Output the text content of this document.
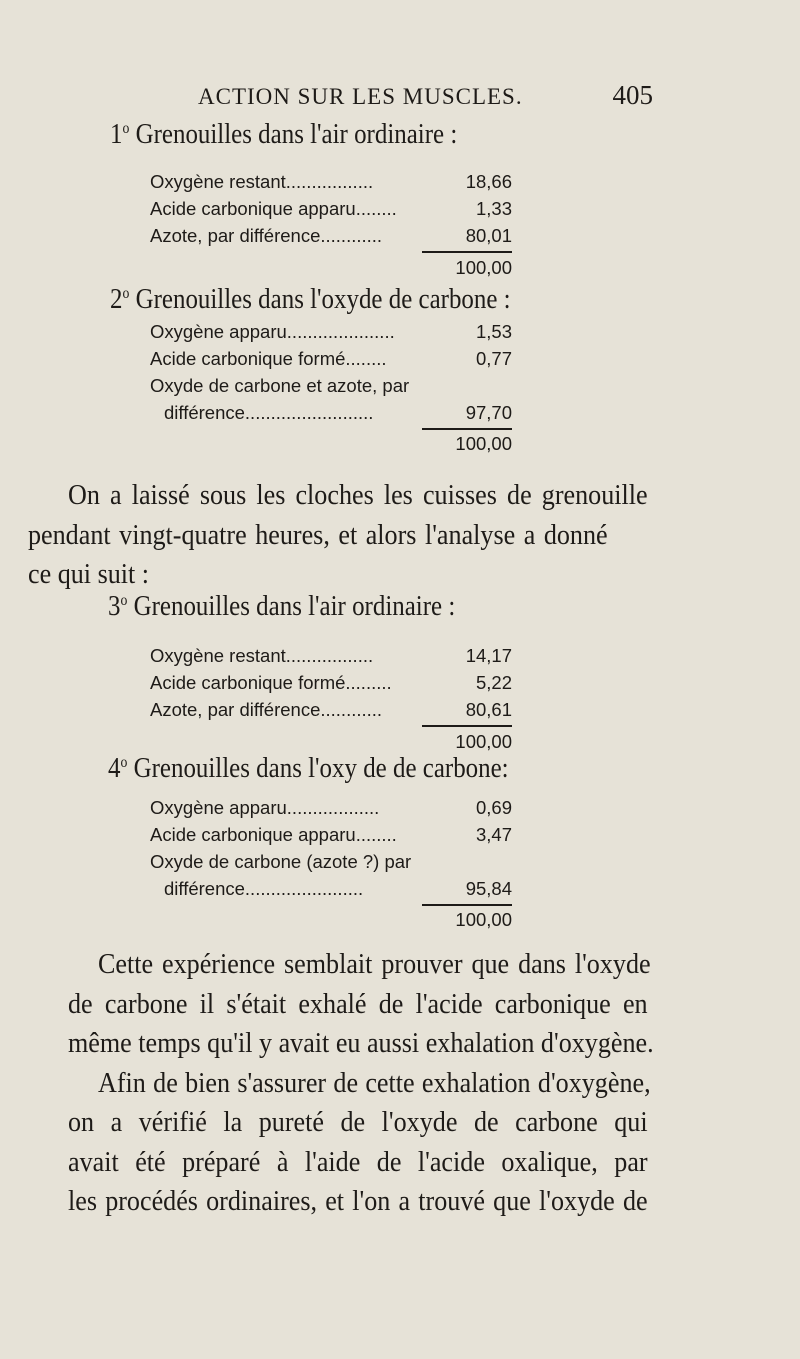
ACTION SUR LES MUSCLES.	405
1$^o$ Grenouilles dans l'air ordinaire :
Oxygène restant.................	18,66
Acide carbonique apparu........	1,33
Azote, par différence............	80,01
100,00
2$^o$ Grenouilles dans l'oxyde de carbone :
Oxygène apparu.....................	1,53
Acide carbonique formé........	0,77
Oxyde de carbone et azote, par
différence.........................	97,70
100,00
On a laissé sous les cloches les cuisses de grenouille
pendant vingt-quatre heures, et alors l'analyse a donné
ce qui suit :
3$^o$ Grenouilles dans l'air ordinaire :
Oxygène restant.................	14,17
Acide carbonique formé.........	5,22
Azote, par différence............	80,61
100,00
4$^o$ Grenouilles dans l'oxy de de carbone:
Oxygène apparu..................	0,69
Acide carbonique apparu........	3,47
Oxyde de carbone (azote ?) par
différence.......................	95,84
100,00
Cette expérience semblait prouver que dans l'oxyde
de carbone il s'était exhalé de l'acide carbonique en
même temps qu'il y avait eu aussi exhalation d'oxygène.
Afin de bien s'assurer de cette exhalation d'oxygène,
on a vérifié la pureté de l'oxyde de carbone qui
avait été préparé à l'aide de l'acide oxalique, par
les procédés ordinaires, et l'on a trouvé que l'oxyde de
